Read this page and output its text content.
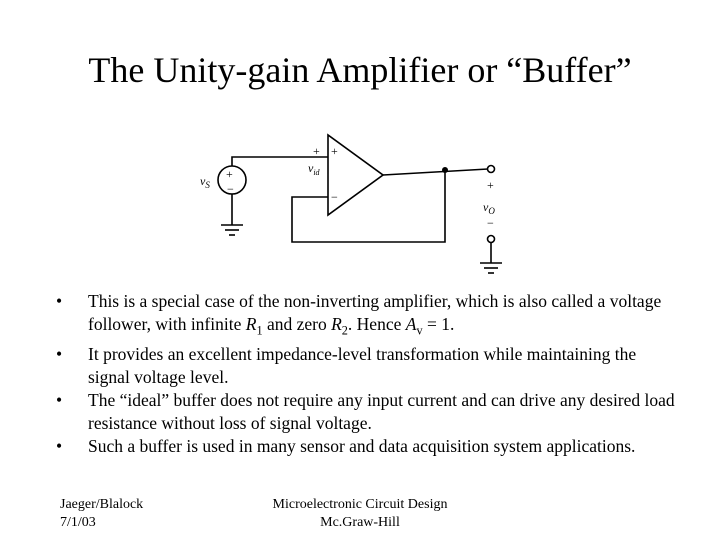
The Unity-gain Amplifier or “Buffer”
+
−
$v_S$
+
−
+
−
$v_{id}$
+
−
$v_O$
•	This is a special case of the non-inverting amplifier, which is also called a voltage follower, with infinite $R_1$ and zero $R_2$. Hence $A_v = 1$.
•	It provides an excellent impedance-level transformation while maintaining the signal voltage level.
•	The “ideal” buffer does not require any input current and can drive any desired load resistance without loss of signal voltage.
•	Such a buffer is used in many sensor and data acquisition system applications.
Jaeger/Blalock
7/1/03
Microelectronic Circuit Design
Mc.Graw-Hill
